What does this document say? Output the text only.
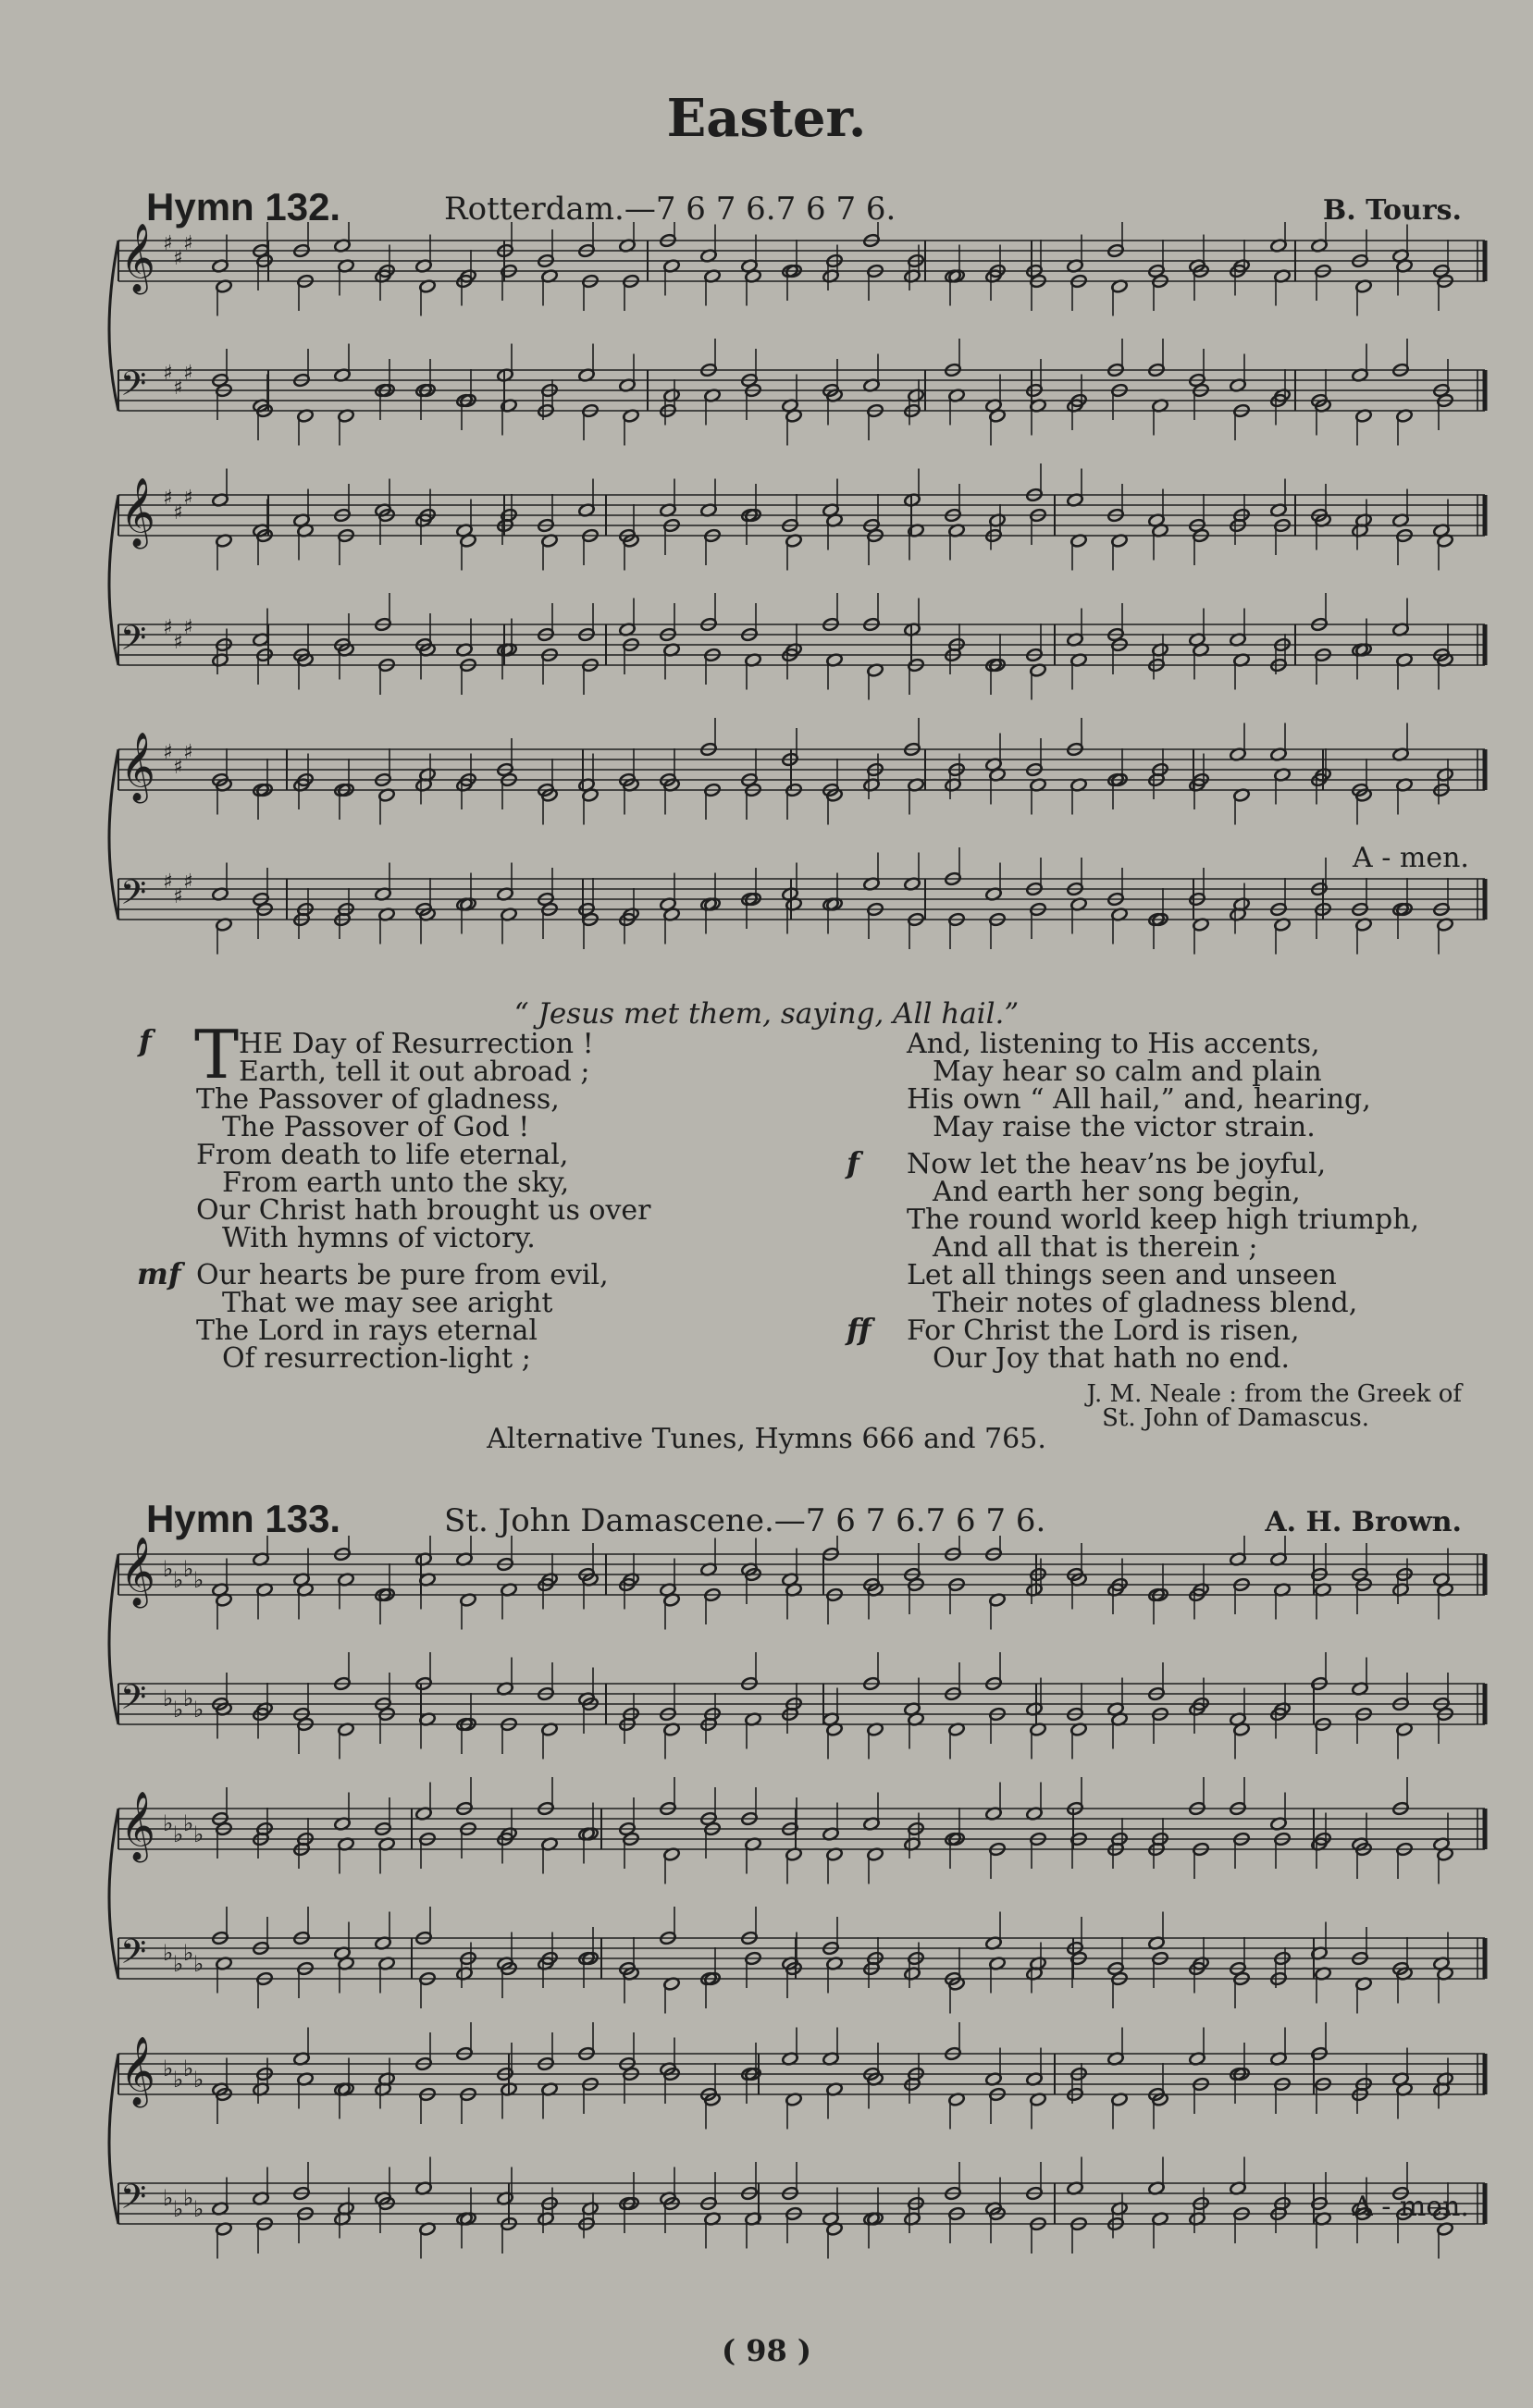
Easter.
Hymn 132.	Rotterdam.—7 6 7 6.7 6 7 6.	B. Tours.
𝄞 ♯
♯
♯
𝄢 ♯
♯
♯
𝄞 ♯
♯
♯
𝄢 ♯
♯
♯
𝄞 ♯
♯
♯
𝄢 ♯
♯
♯
A - men.
“ Jesus met them, saying, All hail.”
f T HE Day of Resurrection !
Earth, tell it out abroad ;
The Passover of gladness,
The Passover of God !
From death to life eternal,
From earth unto the sky,
Our Christ hath brought us over
With hymns of victory.
mf Our hearts be pure from evil,
That we may see aright
The Lord in rays eternal
Of resurrection-light ;
And, listening to His accents,
May hear so calm and plain
His own “ All hail,” and, hearing,
May raise the victor strain.
f Now let the heav’ns be joyful,
And earth her song begin,
The round world keep high triumph,
And all that is therein ;
Let all things seen and unseen
Their notes of gladness blend,
ff For Christ the Lord is risen,
Our Joy that hath no end.
J. M. Neale : from the Greek of
St. John of Damascus.
Alternative Tunes, Hymns 666 and 765.
Hymn 133.	St. John Damascene.—7 6 7 6.7 6 7 6.	A. H. Brown.
𝄞 ♭ ♭ ♭ ♭
𝄢 ♭ ♭ ♭ ♭
𝄞 ♭ ♭ ♭ ♭
𝄢 ♭ ♭ ♭ ♭
𝄞 ♭ ♭ ♭ ♭
𝄢 ♭ ♭ ♭ ♭	A - men.
( 98 )
